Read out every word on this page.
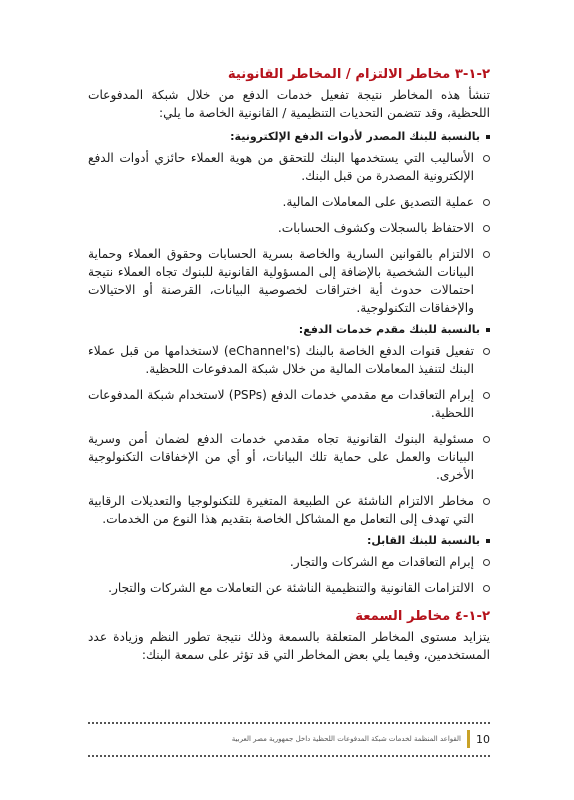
٢-١-٣ مخاطر الالتزام / المخاطر القانونية

تنشأ هذه المخاطر نتيجة تفعيل خدمات الدفع من خلال شبكة المدفوعات اللحظية، وقد تتضمن التحديات التنظيمية / القانونية الخاصة ما يلي:

بالنسبة للبنك المصدر لأدوات الدفع الإلكترونية:
الأساليب التي يستخدمها البنك للتحقق من هوية العملاء حائزي أدوات الدفع الإلكترونية المصدرة من قبل البنك.
عملية التصديق على المعاملات المالية.
الاحتفاظ بالسجلات وكشوف الحسابات.
الالتزام بالقوانين السارية والخاصة بسرية الحسابات وحقوق العملاء وحماية البيانات الشخصية بالإضافة إلى المسؤولية القانونية للبنوك تجاه العملاء نتيجة احتمالات حدوث أية اختراقات لخصوصية البيانات، القرصنة أو الاحتيالات والإخفاقات التكنولوجية.
بالنسبة للبنك مقدم خدمات الدفع:
تفعيل قنوات الدفع الخاصة بالبنك (eChannel's) لاستخدامها من قبل عملاء البنك لتنفيذ المعاملات المالية من خلال شبكة المدفوعات اللحظية.
إبرام التعاقدات مع مقدمي خدمات الدفع (PSPs) لاستخدام شبكة المدفوعات اللحظية.
مسئولية البنوك القانونية تجاه مقدمي خدمات الدفع لضمان أمن وسرية البيانات والعمل على حماية تلك البيانات، أو أي من الإخفاقات التكنولوجية الأخرى.
مخاطر الالتزام الناشئة عن الطبيعة المتغيرة للتكنولوجيا والتعديلات الرقابية التي تهدف إلى التعامل مع المشاكل الخاصة بتقديم هذا النوع من الخدمات.
بالنسبة للبنك القابل:
إبرام التعاقدات مع الشركات والتجار.
الالتزامات القانونية والتنظيمية الناشئة عن التعاملات مع الشركات والتجار.
٢-١-٤ مخاطر السمعة

يتزايد مستوى المخاطر المتعلقة بالسمعة وذلك نتيجة تطور النظم وزيادة عدد المستخدمين، وفيما يلي بعض المخاطر التي قد تؤثر على سمعة البنك:

10
القواعد المنظمة لخدمات شبكة المدفوعات اللحظية داخل جمهورية مصر العربية
